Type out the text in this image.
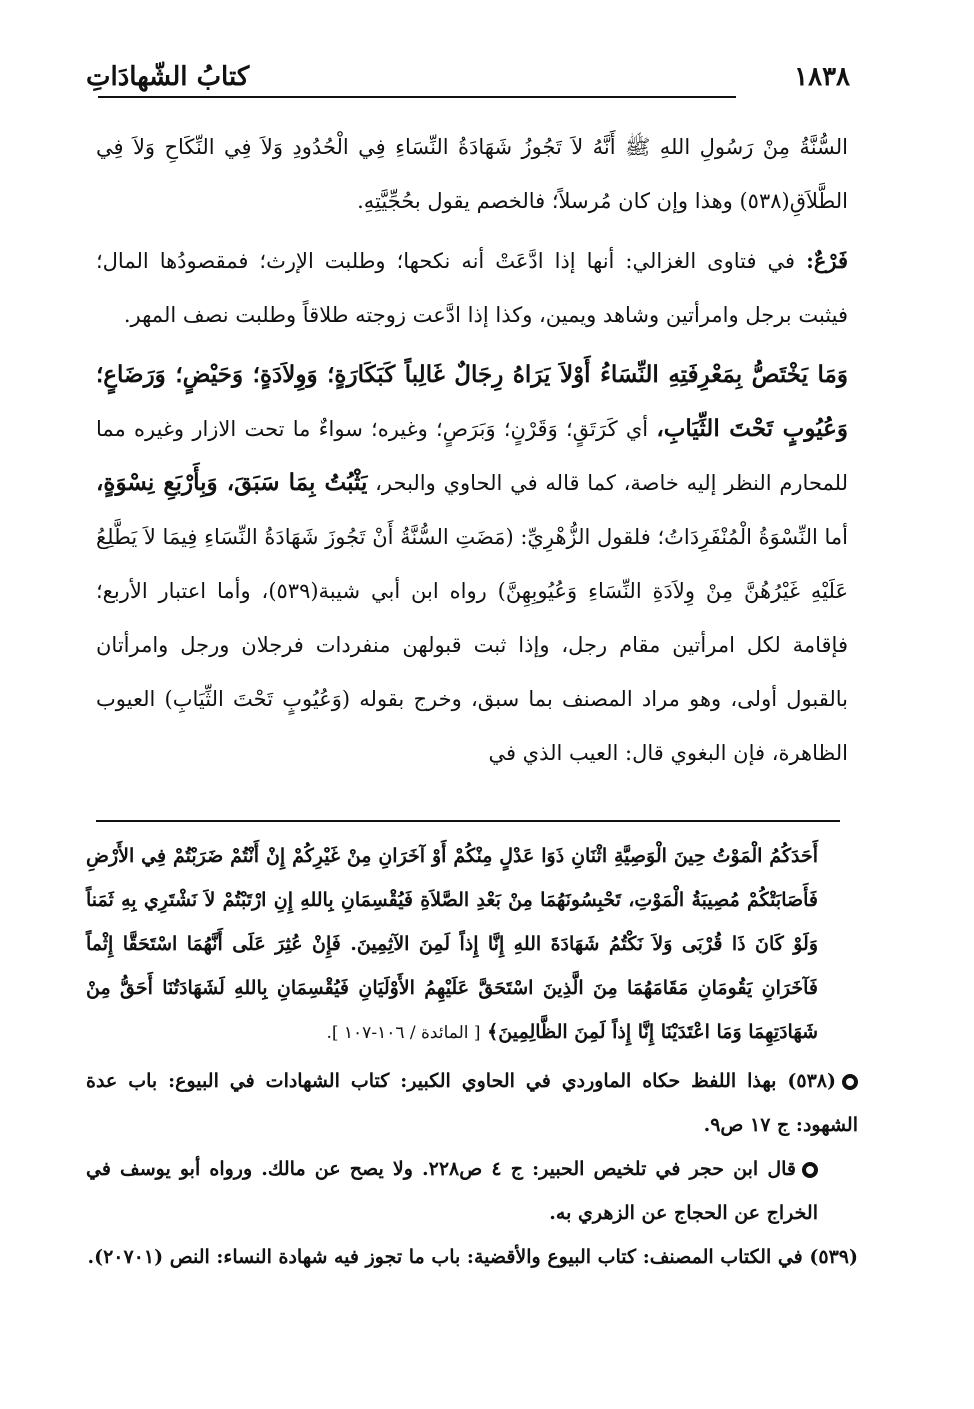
١٨٣٨
كتابُ الشّهادَاتِ

السُّنَّةُ مِنْ رَسُولِ اللهِ ﷺ أَنَّهُ لاَ تَجُوزُ شَهَادَةُ النِّسَاءِ فِي الْحُدُودِ وَلاَ فِي النِّكَاحِ وَلاَ فِي الطَّلاَقِ(٥٣٨) وهذا وإن كان مُرسلاً؛ فالخصم يقول بحُجِّيَّتِهِ.

فَرْعٌ: في فتاوى الغزالي: أنها إذا ادَّعَتْ أنه نكحها؛ وطلبت الإرث؛ فمقصودُها المال؛ فيثبت برجل وامرأتين وشاهد ويمين، وكذا إذا ادَّعت زوجته طلاقاً وطلبت نصف المهر.

وَمَا يَخْتَصُّ بِمَعْرِفَتِهِ النِّسَاءُ أَوْلاَ يَرَاهُ رِجَالٌ غَالِباً كَبَكَارَةٍ؛ وَوِلاَدَةٍ؛ وَحَيْضٍ؛ وَرَضَاعٍ؛ وَعُيُوبٍ تَحْتَ الثِّيَابِ، أي كَرَتَقٍ؛ وَقَرْنٍ؛ وَبَرَصٍ؛ وغيره؛ سواءٌ ما تحت الازار وغيره مما للمحارم النظر إليه خاصة، كما قاله في الحاوي والبحر، يَثْبُتُ بِمَا سَبَقَ، وَبِأَرْبَعِ نِسْوَةٍ، أما النِّسْوَةُ الْمُنْفَرِدَاتُ؛ فلقول الزُّهْرِيِّ: (مَضَتِ السُّنَّةُ أَنْ تَجُوزَ شَهَادَةُ النِّسَاءِ فِيمَا لاَ يَطَّلِعُ عَلَيْهِ غَيْرُهُنَّ مِنْ وِلاَدَةِ النِّسَاءِ وَعُيُوبِهِنَّ) رواه ابن أبي شيبة(٥٣٩)، وأما اعتبار الأربع؛ فإقامة لكل امرأتين مقام رجل، وإذا ثبت قبولهن منفردات فرجلان ورجل وامرأتان بالقبول أولى، وهو مراد المصنف بما سبق، وخرج بقوله (وَعُيُوبٍ تَحْتَ الثِّيَابِ) العيوب الظاهرة، فإن البغوي قال: العيب الذي في

أَحَدَكُمُ الْمَوْتُ حِينَ الْوَصِيَّةِ اثْنَانِ ذَوَا عَدْلٍ مِنْكُمْ أَوْ آخَرَانِ مِنْ غَيْرِكُمْ إِنْ أَنْتُمْ ضَرَبْتُمْ فِي الأَرْضِ فَأَصَابَتْكُمْ مُصِيبَةُ الْمَوْتِ، تَحْبِسُونَهُمَا مِنْ بَعْدِ الصَّلاَةِ فَيُقْسِمَانِ بِاللهِ إِنِ ارْتَبْتُمْ لاَ نَشْتَرِي بِهِ ثَمَناً وَلَوْ كَانَ ذَا قُرْبَى وَلاَ نَكْتُمُ شَهَادَةَ اللهِ إِنَّا إِذاً لَمِنَ الآثِمِينَ. فَإِنْ عُثِرَ عَلَى أَنَّهُمَا اسْتَحَقَّا إِثْماً فَآخَرَانِ يَقُومَانِ مَقَامَهُمَا مِنَ الَّذِينَ اسْتَحَقَّ عَلَيْهِمُ الأَوْلَيَانِ فَيُقْسِمَانِ بِاللهِ لَشَهَادَتُنَا أَحَقُّ مِنْ شَهَادَتِهِمَا وَمَا اعْتَدَيْنَا إِنَّا إِذاً لَمِنَ الظَّالِمِينَ﴾ [ المائدة / ١٠٦-١٠٧ ].

(٥٣٨) بهذا اللفظ حكاه الماوردي في الحاوي الكبير: كتاب الشهادات في البيوع: باب عدة الشهود: ج ١٧ ص٩.

قال ابن حجر في تلخيص الحبير: ج ٤ ص٢٢٨. ولا يصح عن مالك. ورواه أبو يوسف في الخراج عن الحجاج عن الزهري به.

(٥٣٩) في الكتاب المصنف: كتاب البيوع والأقضية: باب ما تجوز فيه شهادة النساء: النص (٢٠٧٠١).
